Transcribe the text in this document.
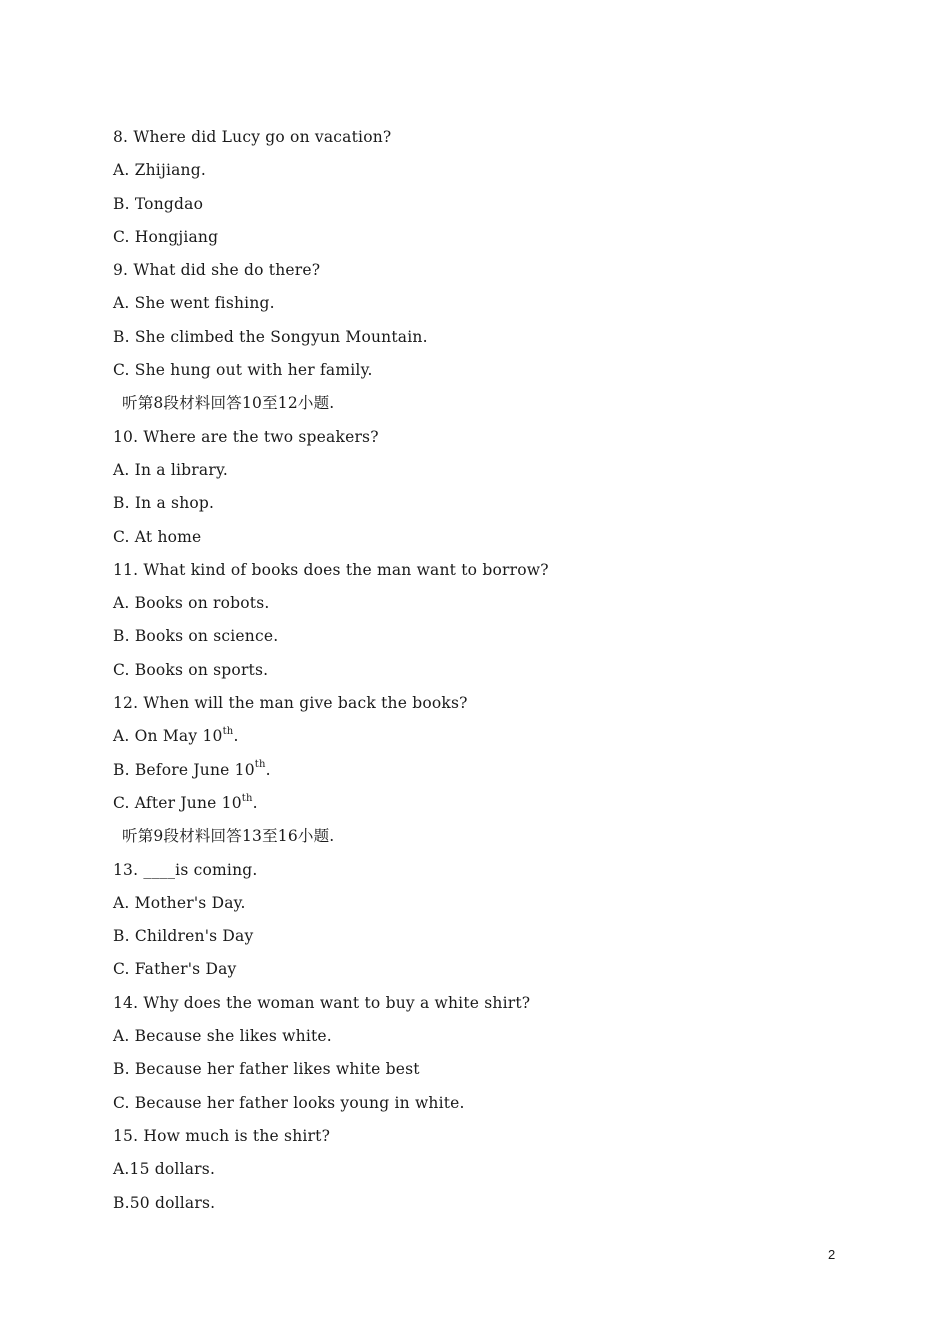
8. Where did Lucy go on vacation?
A. Zhijiang.
B. Tongdao
C. Hongjiang
9. What did she do there?
A. She went fishing.
B. She climbed the Songyun Mountain.
C. She hung out with her family.
听第8段材料回答10至12小题.
10. Where are the two speakers?
A. In a library.
B. In a shop.
C. At home
11. What kind of books does the man want to borrow?
A. Books on robots.
B. Books on science.
C. Books on sports.
12. When will the man give back the books?
A. On May 10th.
B. Before June 10th.
C. After June 10th.
听第9段材料回答13至16小题.
13. ____is coming.
A. Mother's Day.
B. Children's Day
C. Father's Day
14. Why does the woman want to buy a white shirt?
A. Because she likes white.
B. Because her father likes white best
C. Because her father looks young in white.
15. How much is the shirt?
A.15 dollars.
B.50 dollars.
2
